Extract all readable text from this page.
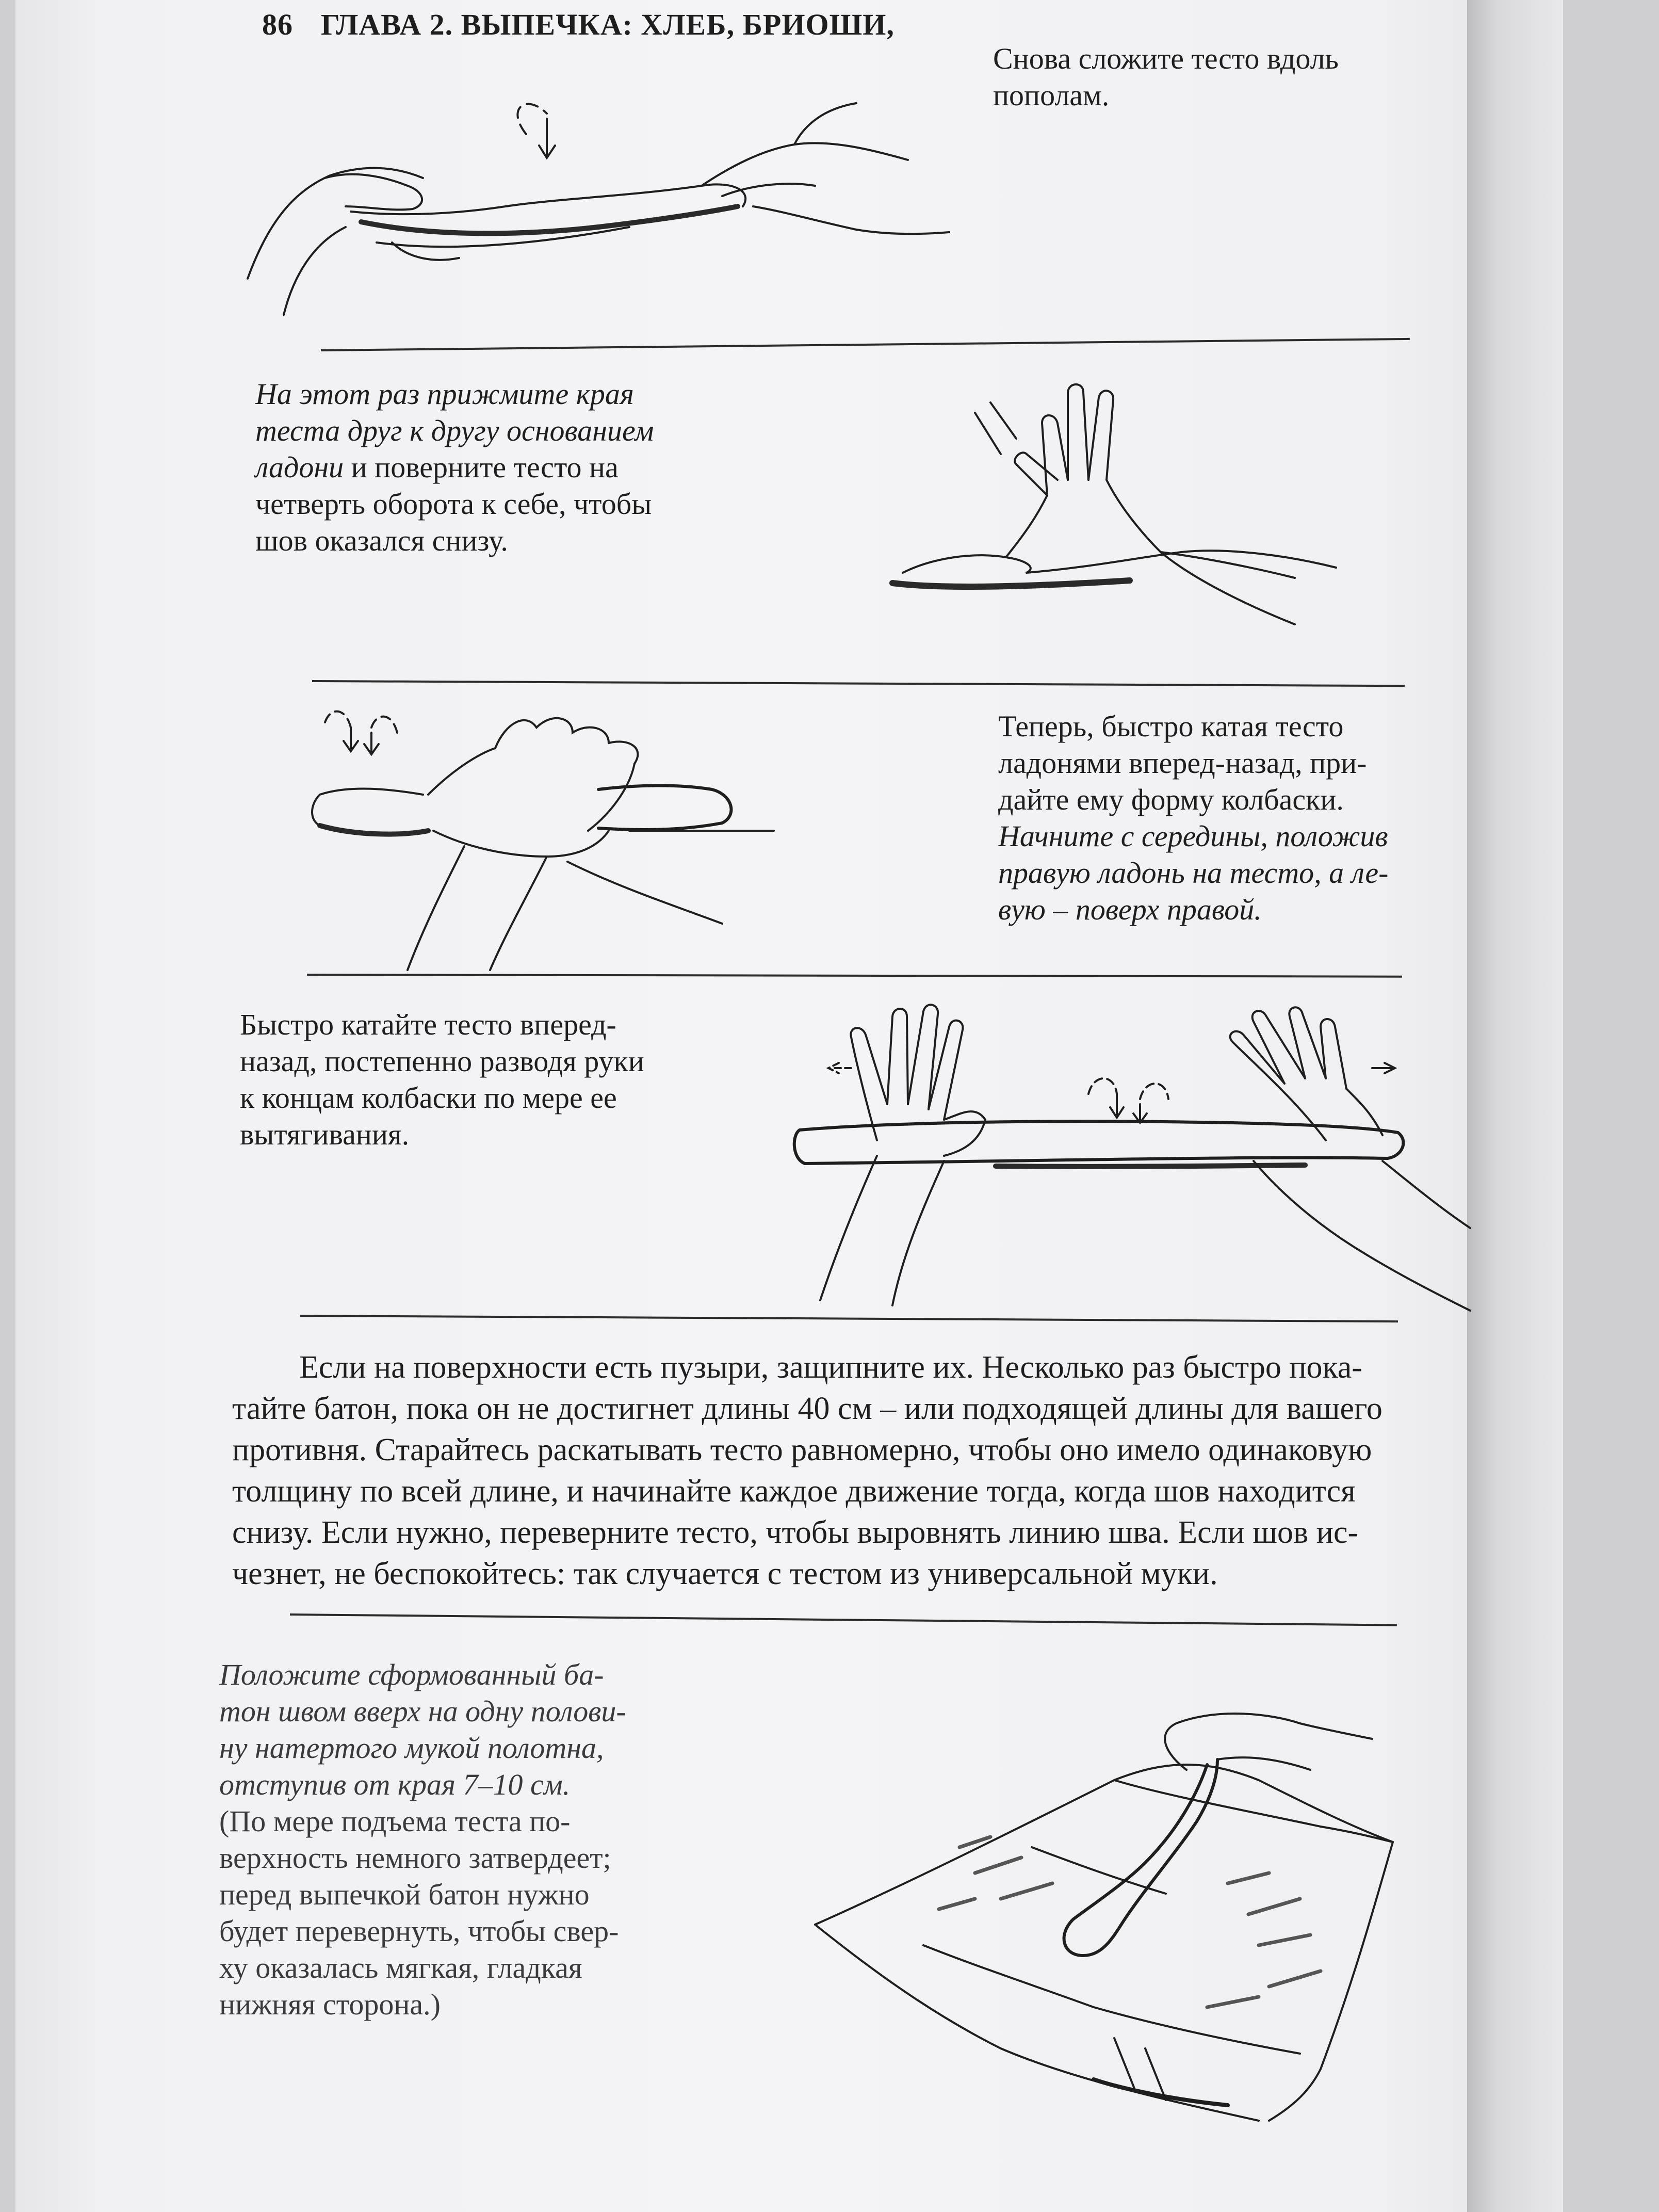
86 ГЛАВА 2. ВЫПЕЧКА: ХЛЕБ, БРИОШИ,

Снова сложите тесто вдоль

пополам.

На этот раз прижмите края

теста друг к другу основанием

ладони и поверните тесто на

четверть оборота к себе, чтобы

шов оказался снизу.

Теперь, быстро катая тесто

ладонями вперед-назад, при-

дайте ему форму колбаски.

Начните с середины, положив

правую ладонь на тесто, а ле-

вую – поверх правой.

Быстро катайте тесто вперед-

назад, постепенно разводя руки

к концам колбаски по мере ее

вытягивания.

Если на поверхности есть пузыри, защипните их. Несколько раз быстро пока-
тайте батон, пока он не достигнет длины 40 см – или подходящей длины для вашего
противня. Старайтесь раскатывать тесто равномерно, чтобы оно имело одинаковую
толщину по всей длине, и начинайте каждое движение тогда, когда шов находится
снизу. Если нужно, переверните тесто, чтобы выровнять линию шва. Если шов ис-
чезнет, не беспокойтесь: так случается с тестом из универсальной муки.

Положите сформованный ба-

тон швом вверх на одну полови-

ну натертого мукой полотна,

отступив от края 7–10 см.

(По мере подъема теста по-

верхность немного затвердеет;

перед выпечкой батон нужно

будет перевернуть, чтобы свер-

ху оказалась мягкая, гладкая

нижняя сторона.)
